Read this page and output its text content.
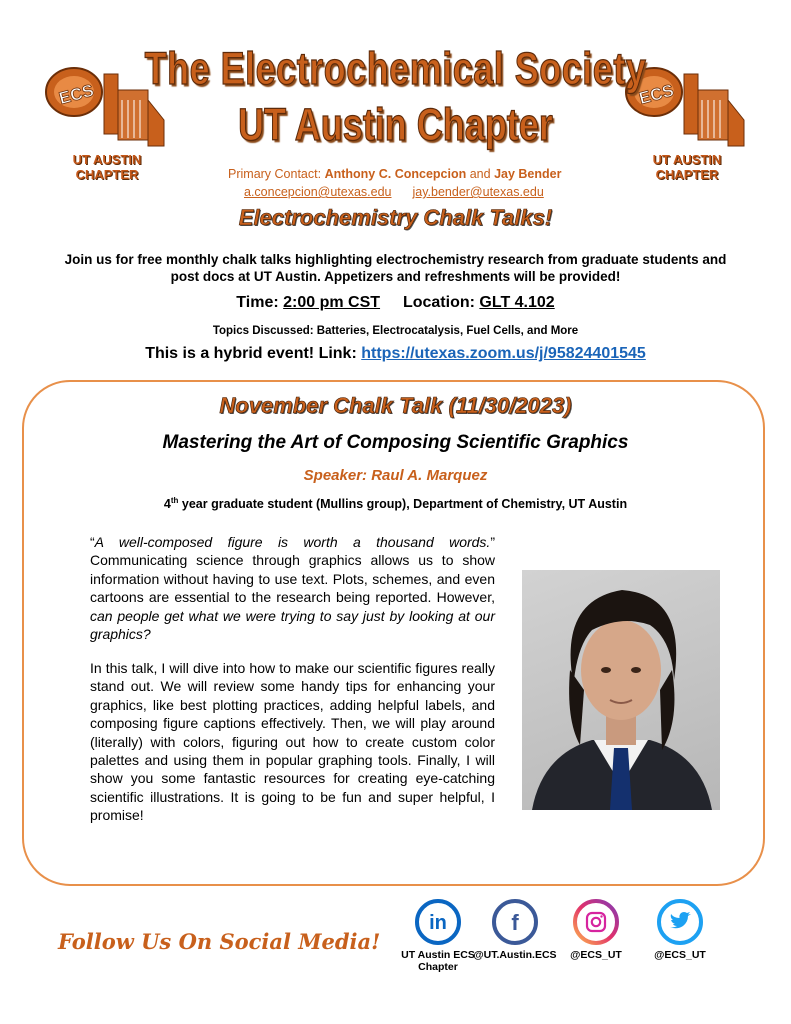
ECS
UT AUSTIN
CHAPTER
ECS
UT AUSTIN
CHAPTER
The Electrochemical Society
UT Austin Chapter
Primary Contact: Anthony C. Concepcion and Jay Bender
a.concepcion@utexas.edu jay.bender@utexas.edu
Electrochemistry Chalk Talks!
Join us for free monthly chalk talks highlighting electrochemistry research from graduate students and post docs at UT Austin. Appetizers and refreshments will be provided!
Time: 2:00 pm CST Location: GLT 4.102
Topics Discussed: Batteries, Electrocatalysis, Fuel Cells, and More
This is a hybrid event! Link: https://utexas.zoom.us/j/95824401545
November Chalk Talk (11/30/2023)
Mastering the Art of Composing Scientific Graphics
Speaker: Raul A. Marquez
4th year graduate student (Mullins group), Department of Chemistry, UT Austin
“A well-composed figure is worth a thousand words.” Communicating science through graphics allows us to show information without having to use text. Plots, schemes, and even cartoons are essential to the research being reported. However, can people get what we were trying to say just by looking at our graphics?
In this talk, I will dive into how to make our scientific figures really stand out. We will review some handy tips for enhancing your graphics, like best plotting practices, adding helpful labels, and composing figure captions effectively. Then, we will play around (literally) with colors, figuring out how to create custom color palettes and using them in popular graphing tools. Finally, I will show you some fantastic resources for creating eye-catching scientific illustrations. It is going to be fun and super helpful, I promise!
Follow Us On Social Media!
in
UT Austin ECS Chapter
f
@UT.Austin.ECS	@ECS_UT	@ECS_UT
